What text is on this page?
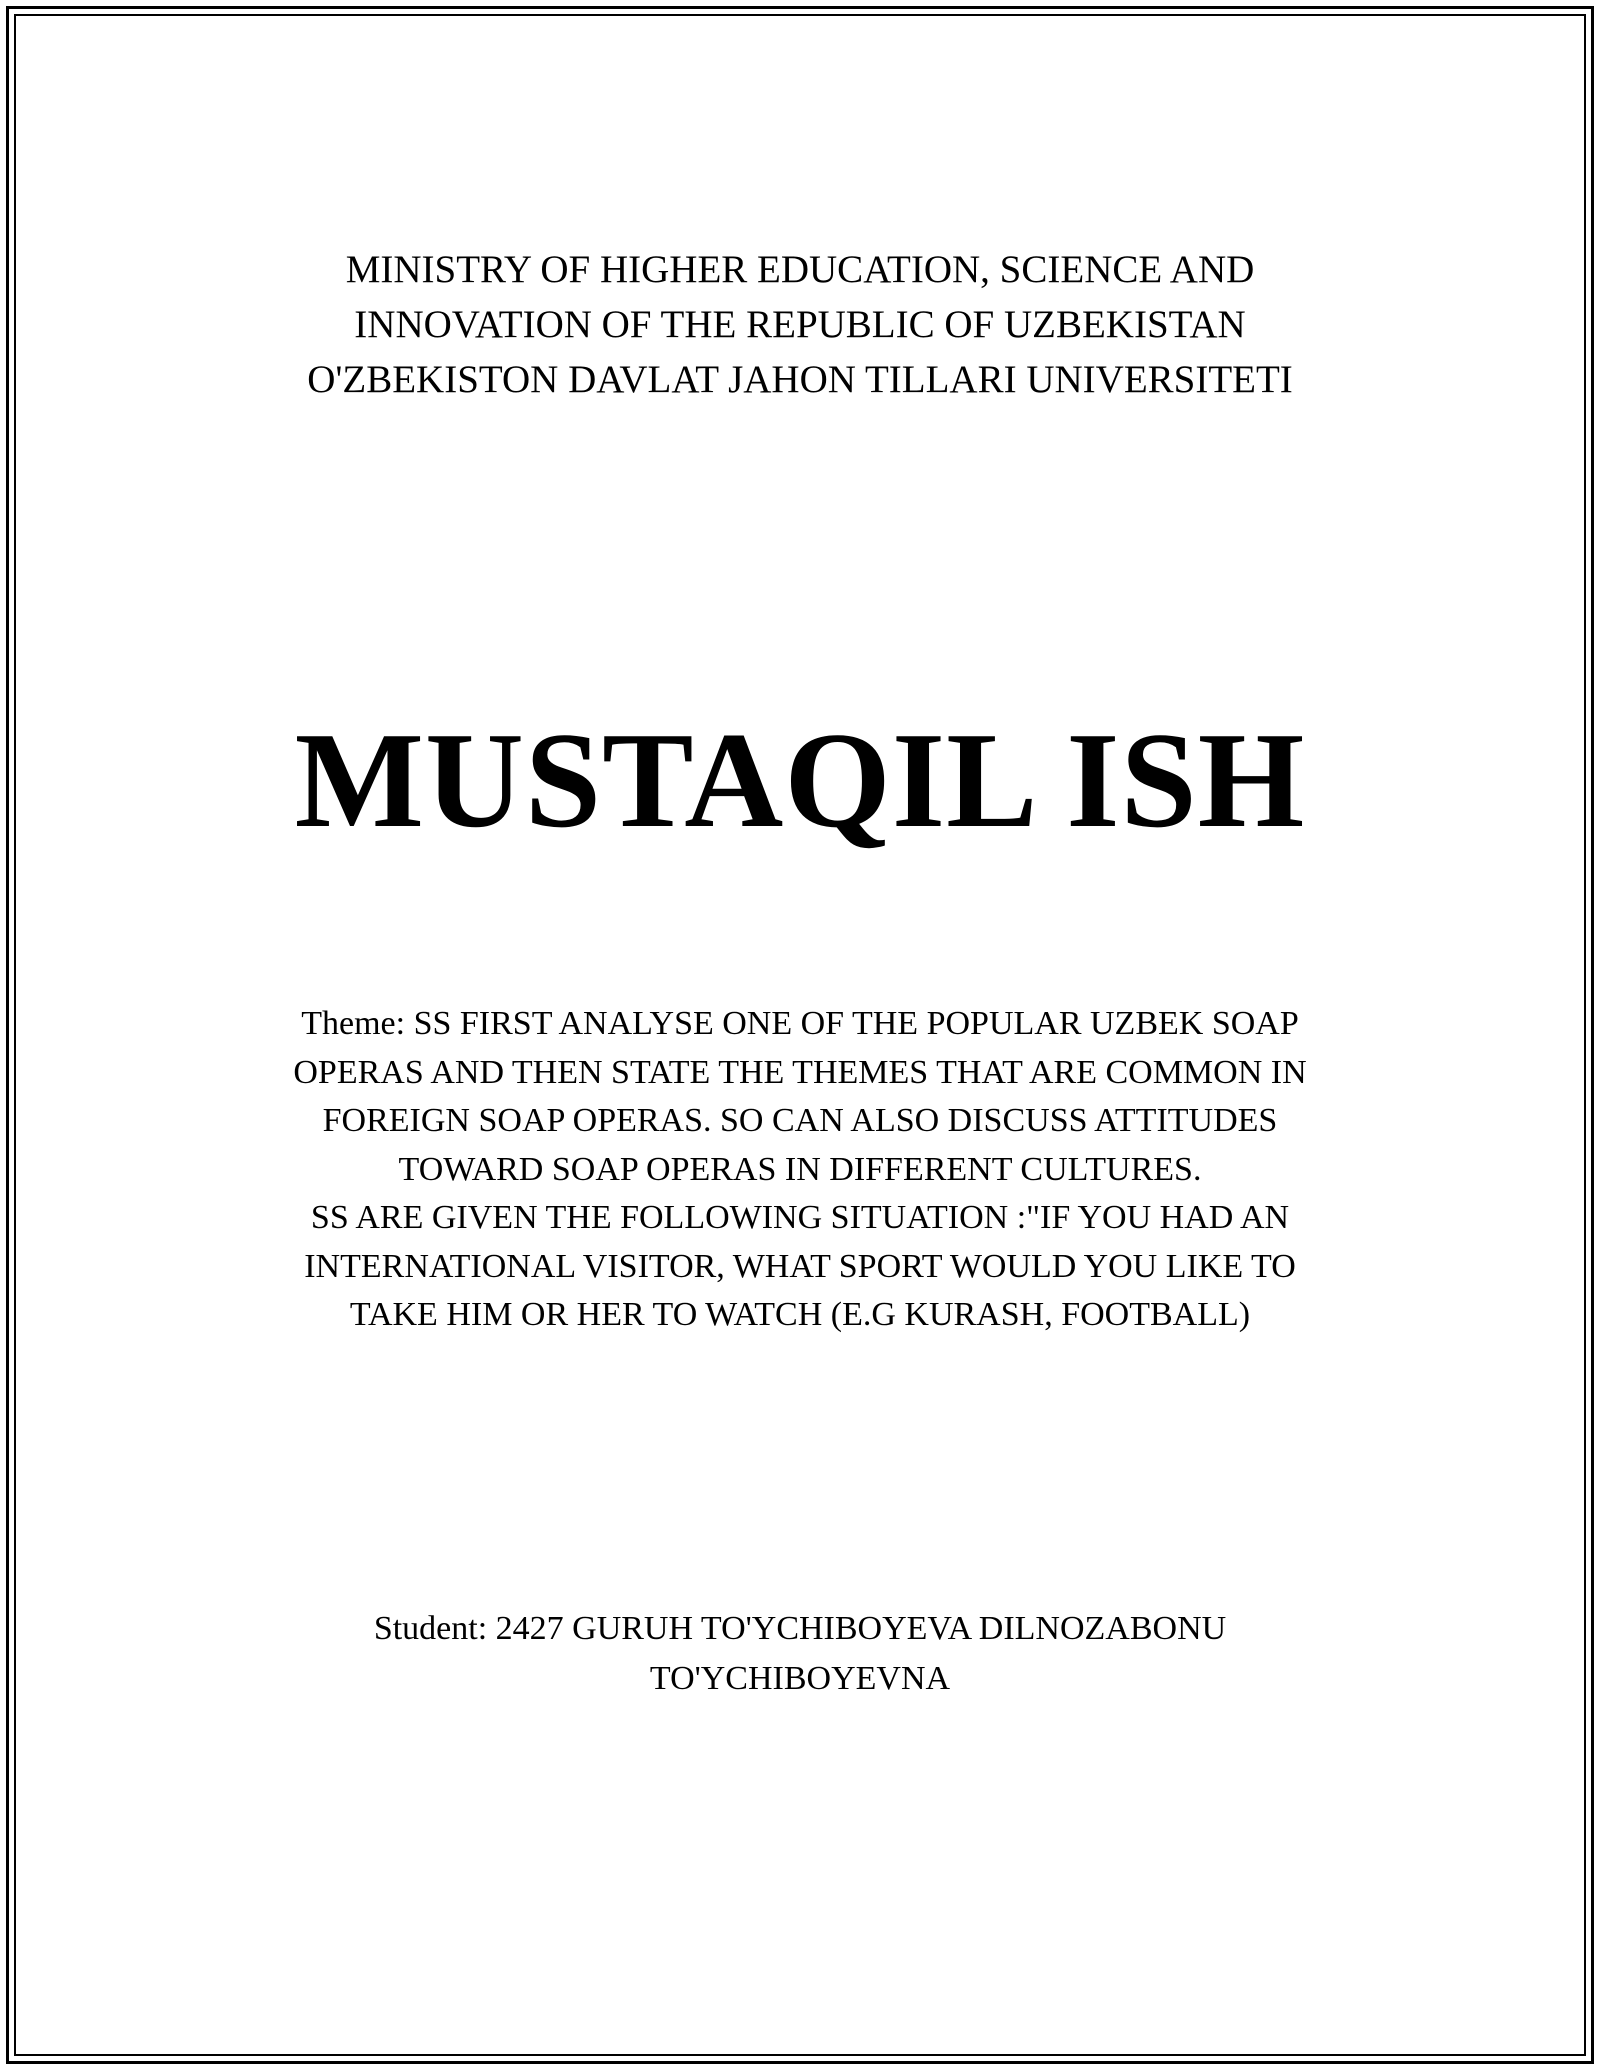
MINISTRY OF HIGHER EDUCATION, SCIENCE AND
INNOVATION OF THE REPUBLIC OF UZBEKISTAN
O'ZBEKISTON DAVLAT JAHON TILLARI UNIVERSITETI
MUSTAQIL ISH
Theme: SS FIRST ANALYSE ONE OF THE POPULAR UZBEK SOAP
OPERAS AND THEN STATE THE THEMES THAT ARE COMMON IN
FOREIGN SOAP OPERAS. SO CAN ALSO DISCUSS ATTITUDES
TOWARD SOAP OPERAS IN DIFFERENT CULTURES.
SS ARE GIVEN THE FOLLOWING SITUATION :"IF YOU HAD AN
INTERNATIONAL VISITOR, WHAT SPORT WOULD YOU LIKE TO
TAKE HIM OR HER TO WATCH (E.G KURASH, FOOTBALL)
Student: 2427 GURUH TO'YCHIBOYEVA DILNOZABONU
TO'YCHIBOYEVNA
